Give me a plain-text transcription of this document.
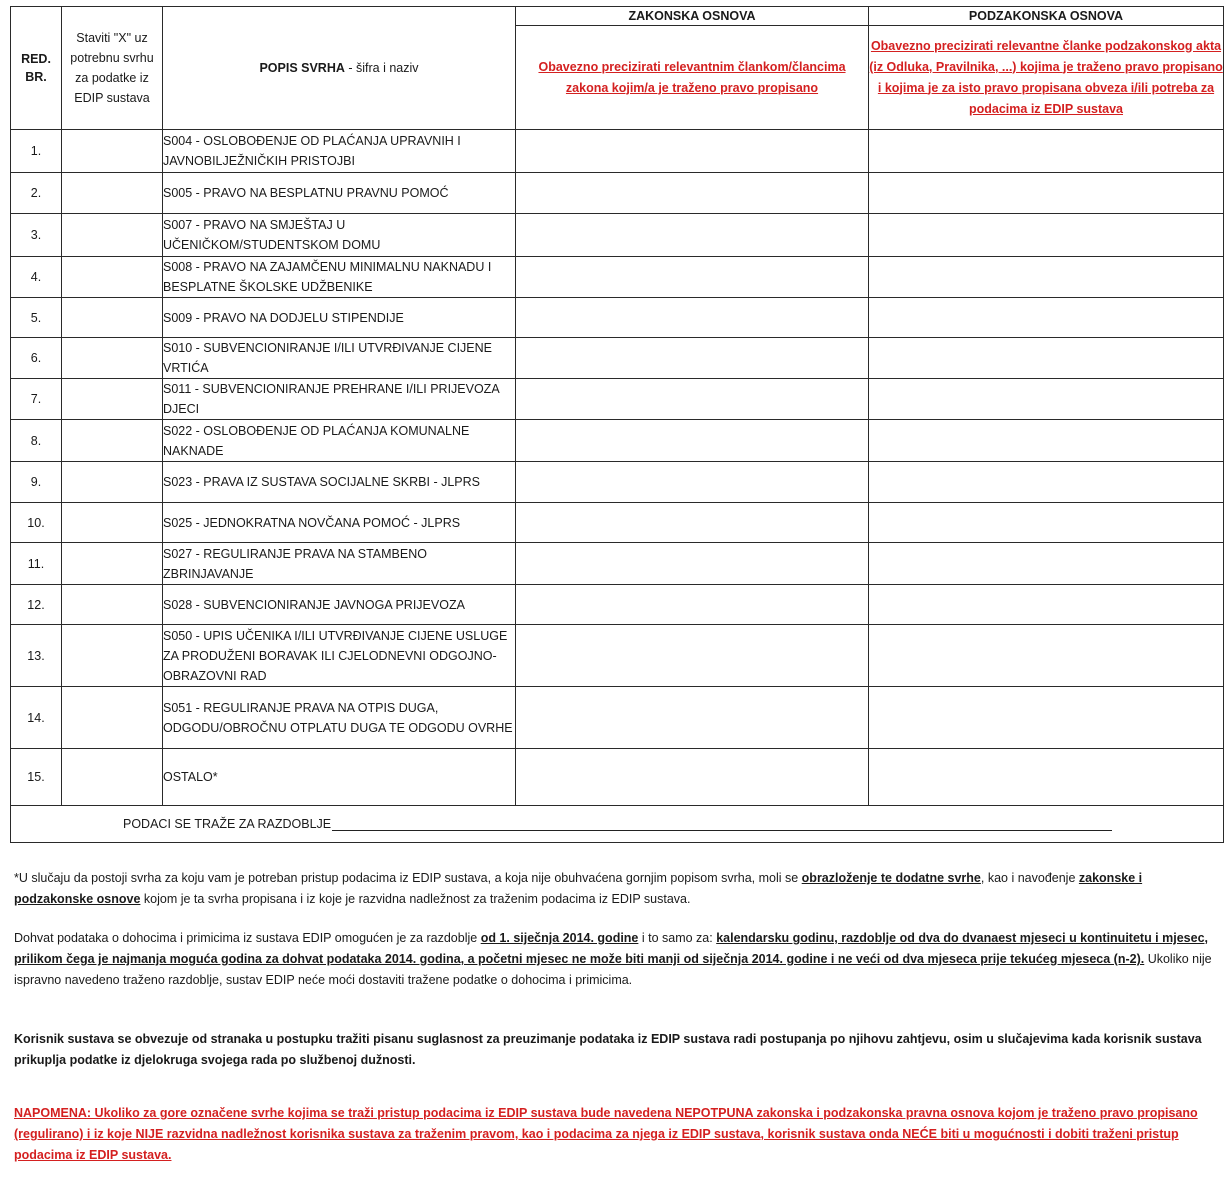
RED. BR.	Staviti "X" uz potrebnu svrhu za podatke iz EDIP sustava	POPIS SVRHA - šifra i naziv	ZAKONSKA OSNOVA	PODZAKONSKA OSNOVA
			Obavezno precizirati relevantnim člankom/člancima zakona kojim/a je traženo pravo propisano	Obavezno precizirati relevantne članke podzakonskog akta (iz Odluka, Pravilnika, ...) kojima je traženo pravo propisano i kojima je za isto pravo propisana obveza i/ili potreba za podacima iz EDIP sustava
1.		S004 - OSLOBOĐENJE OD PLAĆANJA UPRAVNIH I JAVNOBILJEŽNIČKIH PRISTOJBI		
2.		S005 - PRAVO NA BESPLATNU PRAVNU POMOĆ		
3.		S007 - PRAVO NA SMJEŠTAJ U UČENIČKOM/STUDENTSKOM DOMU		
4.		S008 - PRAVO NA ZAJAMČENU MINIMALNU NAKNADU I BESPLATNE ŠKOLSKE UDŽBENIKE		
5.		S009 - PRAVO NA DODJELU STIPENDIJE		
6.		S010 - SUBVENCIONIRANJE I/ILI UTVRĐIVANJE CIJENE VRTIĆA		
7.		S011 - SUBVENCIONIRANJE PREHRANE I/ILI PRIJEVOZA DJECI		
8.		S022 - OSLOBOĐENJE OD PLAĆANJA KOMUNALNE NAKNADE		
9.		S023 - PRAVA IZ SUSTAVA SOCIJALNE SKRBI - JLPRS		
10.		S025 - JEDNOKRATNA NOVČANA POMOĆ - JLPRS		
11.		S027 - REGULIRANJE PRAVA NA STAMBENO ZBRINJAVANJE		
12.		S028 - SUBVENCIONIRANJE JAVNOGA PRIJEVOZA		
13.		S050 - UPIS UČENIKA I/ILI UTVRĐIVANJE CIJENE USLUGE ZA PRODUŽENI BORAVAK ILI CJELODNEVNI ODGOJNO-OBRAZOVNI RAD		
14.		S051 - REGULIRANJE PRAVA NA OTPIS DUGA, ODGODU/OBROČNU OTPLATU DUGA TE ODGODU OVRHE		
15.		OSTALO*		

PODACI SE TRAŽE ZA RAZDOBLJE				
*U slučaju da postoji svrha za koju vam je potreban pristup podacima iz EDIP sustava, a koja nije obuhvaćena gornjim popisom svrha, moli se obrazloženje te dodatne svrhe, kao i navođenje zakonske i podzakonske osnove kojom je ta svrha propisana i iz koje je razvidna nadležnost za traženim podacima iz EDIP sustava.
Dohvat podataka o dohocima i primicima iz sustava EDIP omogućen je za razdoblje od 1. siječnja 2014. godine i to samo za: kalendarsku godinu, razdoblje od dva do dvanaest mjeseci u kontinuitetu i mjesec, prilikom čega je najmanja moguća godina za dohvat podataka 2014. godina, a početni mjesec ne može biti manji od siječnja 2014. godine i ne veći od dva mjeseca prije tekućeg mjeseca (n-2). Ukoliko nije ispravno navedeno traženo razdoblje, sustav EDIP neće moći dostaviti tražene podatke o dohocima i primicima.
Korisnik sustava se obvezuje od stranaka u postupku tražiti pisanu suglasnost za preuzimanje podataka iz EDIP sustava radi postupanja po njihovu zahtjevu, osim u slučajevima kada korisnik sustava prikuplja podatke iz djelokruga svojega rada po službenoj dužnosti.
NAPOMENA: Ukoliko za gore označene svrhe kojima se traži pristup podacima iz EDIP sustava bude navedena NEPOTPUNA zakonska i podzakonska pravna osnova kojom je traženo pravo propisano (regulirano) i iz koje NIJE razvidna nadležnost korisnika sustava za traženim pravom, kao i podacima za njega iz EDIP sustava, korisnik sustava onda NEĆE biti u mogućnosti i dobiti traženi pristup podacima iz EDIP sustava.
